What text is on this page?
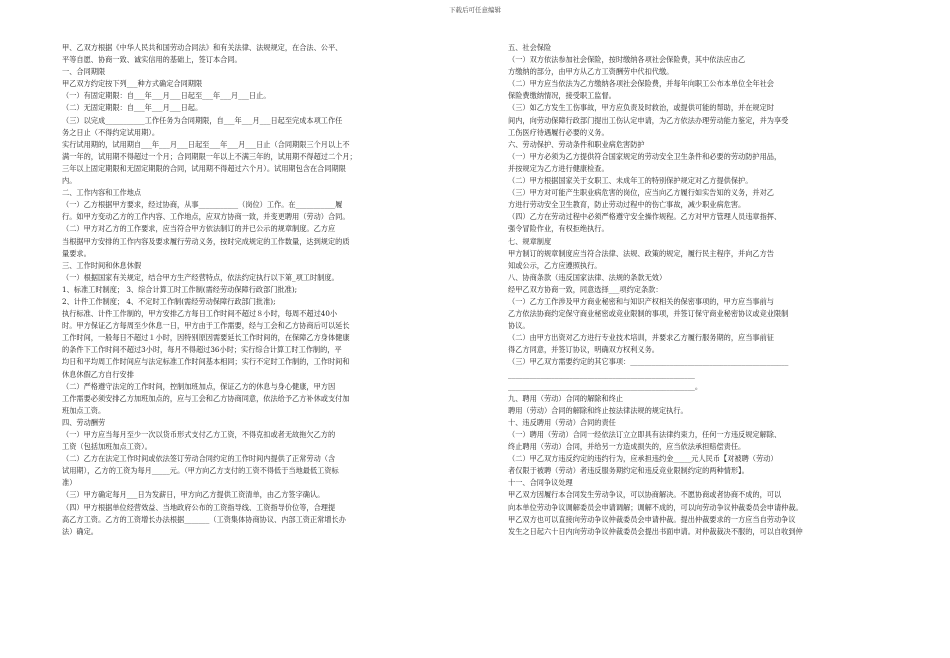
下载后可任意编辑
甲、乙双方根据《中华人民共和国劳动合同法》和有关法律、法规规定，在合法、公平、
平等自愿、协商一致、诚实信用的基础上，签订本合同。
一、合同期限
甲乙双方约定按下列___种方式确定合同期限
（一）有固定期限：自___年___月___日起至___年___月___日止。
（二）无固定期限：自___年___月___日起。
（三）以完成___________工作任务为合同期限，自___年___月___日起至完成本项工作任
务之日止（不得约定试用期）。
实行试用期的，试用期自___年___月___日起至___年___月___日止（合同期限三个月以上不
满一年的，试用期不得超过一个月；合同期限一年以上不满三年的，试用期不得超过二个月；
三年以上固定期限和无固定期限的合同，试用期不得超过六个月）。试用期包含在合同期限
内。
二、工作内容和工作地点
（一）乙方根据甲方要求，经过协商，从事___________（岗位）工作。在___________履
行。如甲方变动乙方的工作内容、工作地点，应双方协商一致，并变更聘用（劳动）合同。
（二）甲方对乙方的工作要求，应当符合甲方依法制订的并已公示的规章制度。乙方应
当根据甲方安排的工作内容及要求履行劳动义务，按时完成规定的工作数量，达到规定的质
量要求。
三、工作时间和休息休假
（一）根据国家有关规定，结合甲方生产经营特点，依法约定执行以下第_项工时制度。
1、标准工时制度； 3、综合计算工时工作制(需经劳动保障行政部门批准);
2、计件工作制度； 4、不定时工作制(需经劳动保障行政部门批准);
执行标准、计件工作制的，甲方安排乙方每日工作时间不超过８小时，每周不超过40小
时。甲方保证乙方每周至少休息一日，甲方由于工作需要，经与工会和乙方协商后可以延长
工作时间，一般每日不超过１小时，因特别原因需要延长工作时间的，在保障乙方身体健康
的条件下工作时间不超过3小时，每月不得超过36小时；实行综合计算工时工作制的，平
均日和平均周工作时间应与法定标准工作时间基本相同；实行不定时工作制的，工作时间和
休息休假乙方自行安排
（二）严格遵守法定的工作时间，控制加班加点，保证乙方的休息与身心健康，甲方因
工作需要必须安排乙方加班加点的，应与工会和乙方协商同意，依法给予乙方补休或支付加
班加点工资。
四、劳动酬劳
（一）甲方应当每月至少一次以货币形式支付乙方工资，不得克扣或者无故拖欠乙方的
工资（包括加班加点工资）。
（二）乙方在法定工作时间或依法签订劳动合同约定的工作时间内提供了正常劳动（含
试用期），乙方的工资为每月_____元。（甲方向乙方支付的工资不得低于当地最低工资标
准）
（三）甲方确定每月___日为发薪日，甲方向乙方提供工资清单，由乙方签字确认。
（四）甲方根据单位经营效益、当地政府公布的工资指导线、工资指导价位等，合理提
高乙方工资。乙方的工资增长办法根据_______（工资集体协商协议、内部工资正常增长办
法）确定。
五、社会保险
（一）双方依法参加社会保险，按时缴纳各项社会保险费，其中依法应由乙
方缴纳的部分，由甲方从乙方工资酬劳中代扣代缴。
（二）甲方应当依法为乙方缴纳各项社会保险费，并每年向职工公布本单位全年社会
保险费缴纳情况，接受职工监督。
（三）如乙方发生工伤事故，甲方应负责及时救治，或提供可能的帮助，并在规定时
间内，向劳动保障行政部门提出工伤认定申请，为乙方依法办理劳动能力鉴定，并为享受
工伤医疗待遇履行必要的义务。
六、劳动保护、劳动条件和职业病危害防护
（一）甲方必须为乙方提供符合国家规定的劳动安全卫生条件和必要的劳动防护用品，
并按规定为乙方进行健康检查。
（二）甲方根据国家关于女职工、未成年工的特别保护规定对乙方提供保护。
（三）甲方对可能产生职业病危害的岗位，应当向乙方履行如实告知的义务，并对乙
方进行劳动安全卫生教育，防止劳动过程中的伤亡事故，减少职业病危害。
（四）乙方在劳动过程中必须严格遵守安全操作规程。乙方对甲方管理人员违章指挥、
强令冒险作业，有权拒绝执行。
七、规章制度
甲方制订的规章制度应当符合法律、法规、政策的规定，履行民主程序，并向乙方告
知或公示，乙方应遵照执行。
八、协商条款（违反国家法律、法规的条款无效）
经甲乙双方协商一致，同意选择___项约定条款：
（一）乙方工作涉及甲方商业秘密和与知识产权相关的保密事项的，甲方应当事前与
乙方依法协商约定保守商业秘密或竞业限制的事项，并签订保守商业秘密协议或竞业限制
协议。
（二）由甲方出资对乙方进行专业技术培训，并要求乙方履行服务期的，应当事前征
得乙方同意，并签订协议，明确双方权利义务。
（三）甲乙双方需要约定的其它事项：____________________________________________
____________________________________________________
____________________________________________________。
九、聘用（劳动）合同的解除和终止
聘用（劳动）合同的解除和终止按法律法规的规定执行。
十、违反聘用（劳动）合同的责任
（一）聘用（劳动）合同一经依法订立立即具有法律约束力，任何一方违反规定解除、
终止聘用（劳动）合同，并给另一方造成损失的，应当依法承担赔偿责任。
（二）甲乙双方违反约定的违约行为，应承担违约金_____元人民币【对被聘（劳动）
者仅限于被聘（劳动）者违反服务期约定和违反竞业限制约定的两种情形】。
十一、合同争议处理
甲乙双方因履行本合同发生劳动争议，可以协商解决。不愿协商或者协商不成的，可以
向本单位劳动争议调解委员会申请调解；调解不成的，可以向劳动争议仲裁委员会申请仲裁。
甲乙双方也可以直接向劳动争议仲裁委员会申请仲裁。提出仲裁要求的一方应当自劳动争议
发生之日起六十日内向劳动争议仲裁委员会提出书面申请。对仲裁裁决不服的，可以自收到仲
